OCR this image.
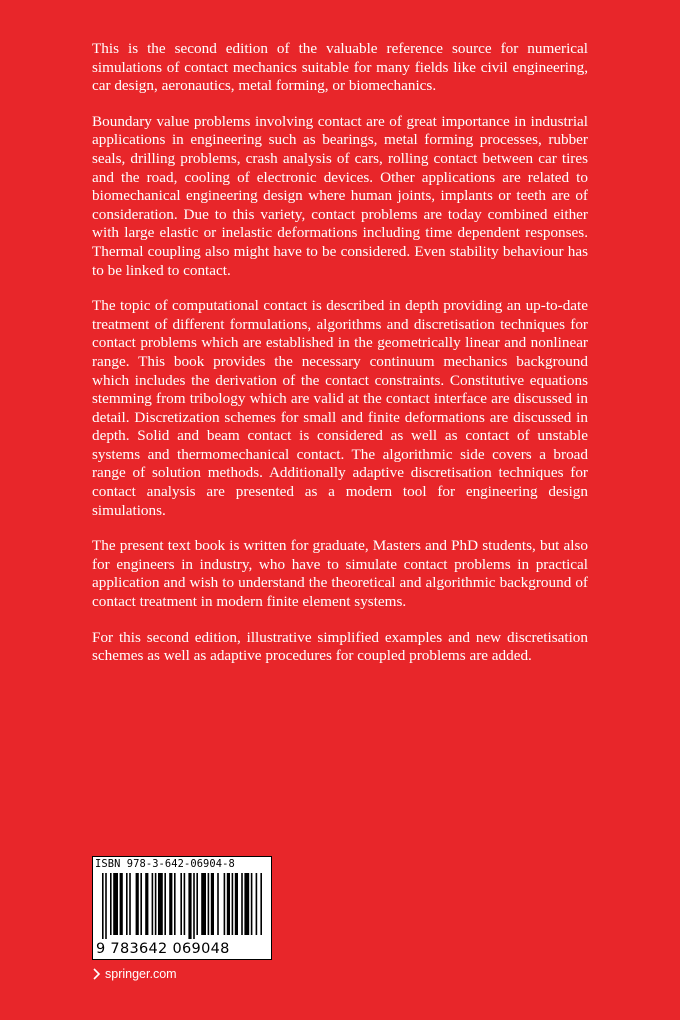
This is the second edition of the valuable reference source for numerical simulations of contact mechanics suitable for many fields like civil engineering, car design, aeronautics, metal forming, or biomechanics.

Boundary value problems involving contact are of great importance in industrial applications in engineering such as bearings, metal forming processes, rubber seals, drilling problems, crash analysis of cars, rolling contact between car tires and the road, cooling of electronic devices. Other applications are related to biomechanical engineering design where human joints, implants or teeth are of consideration. Due to this variety, contact problems are today combined either with large elastic or inelastic deformations including time dependent responses. Thermal coupling also might have to be considered. Even stability behaviour has to be linked to contact.

The topic of computational contact is described in depth providing an up-to-date treatment of different formulations, algorithms and discretisation techniques for contact problems which are established in the geometrically linear and nonlinear range. This book provides the necessary continuum mechanics background which includes the derivation of the contact constraints. Constitutive equations stemming from tribology which are valid at the contact interface are discussed in detail. Discretization schemes for small and finite deformations are discussed in depth. Solid and beam contact is considered as well as contact of unstable systems and thermomechanical contact. The algorithmic side covers a broad range of solution methods. Additionally adaptive discretisation techniques for contact analysis are presented as a modern tool for engineering design simulations.

The present text book is written for graduate, Masters and PhD students, but also for engineers in industry, who have to simulate contact problems in practical application and wish to understand the theoretical and algorithmic background of contact treatment in modern finite element systems.

For this second edition, illustrative simplified examples and new discretisation schemes as well as adaptive procedures for coupled problems are added.

ISBN 978-3-642-06904-8
9 783642 069048
springer.com
